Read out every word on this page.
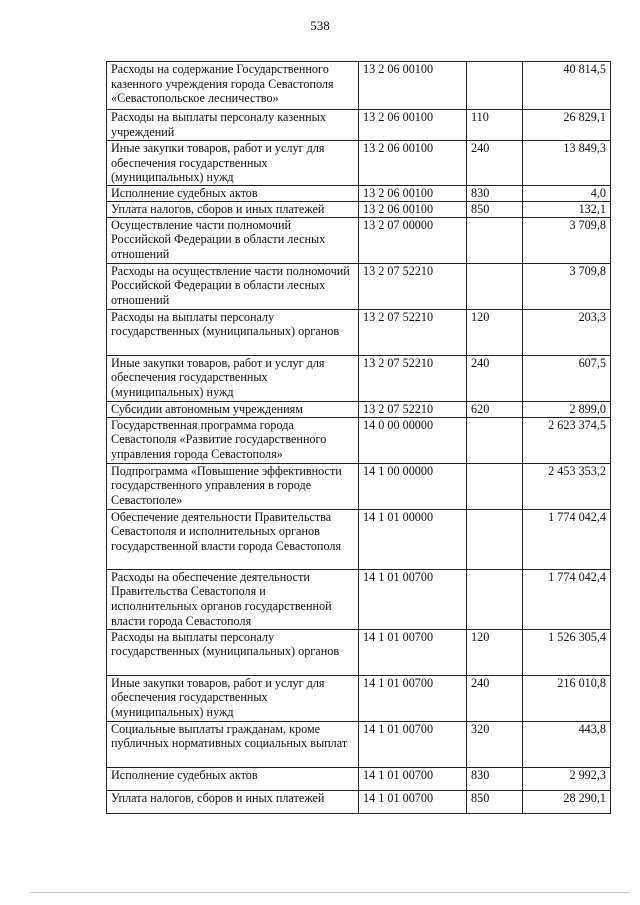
538
Расходы на содержание Государственного казенного учреждения города Севастополя «Севастопольское лесничество»	13 2 06 00100		40 814,5
Расходы на выплаты персоналу казенных учреждений	13 2 06 00100	110	26 829,1
Иные закупки товаров, работ и услуг для обеспечения государственных (муниципальных) нужд	13 2 06 00100	240	13 849,3
Исполнение судебных актов	13 2 06 00100	830	4,0
Уплата налогов, сборов и иных платежей	13 2 06 00100	850	132,1
Осуществление части полномочий Российской Федерации в области лесных отношений	13 2 07 00000		3 709,8
Расходы на осуществление части полномочий Российской Федерации в области лесных отношений	13 2 07 52210		3 709,8
Расходы на выплаты персоналу государственных (муниципальных) органов	13 2 07 52210	120	203,3
Иные закупки товаров, работ и услуг для обеспечения государственных (муниципальных) нужд	13 2 07 52210	240	607,5
Субсидии автономным учреждениям	13 2 07 52210	620	2 899,0
Государственная программа города Севастополя «Развитие государственного управления города Севастополя»	14 0 00 00000		2 623 374,5
Подпрограмма «Повышение эффективности государственного управления в городе Севастополе»	14 1 00 00000		2 453 353,2
Обеспечение деятельности Правительства Севастополя и исполнительных органов государственной власти города Севастополя	14 1 01 00000		1 774 042,4
Расходы на обеспечение деятельности Правительства Севастополя и исполнительных органов государственной власти города Севастополя	14 1 01 00700		1 774 042,4
Расходы на выплаты персоналу государственных (муниципальных) органов	14 1 01 00700	120	1 526 305,4
Иные закупки товаров, работ и услуг для обеспечения государственных (муниципальных) нужд	14 1 01 00700	240	216 010,8
Социальные выплаты гражданам, кроме публичных нормативных социальных выплат	14 1 01 00700	320	443,8
Исполнение судебных актов	14 1 01 00700	830	2 992,3
Уплата налогов, сборов и иных платежей	14 1 01 00700	850	28 290,1
